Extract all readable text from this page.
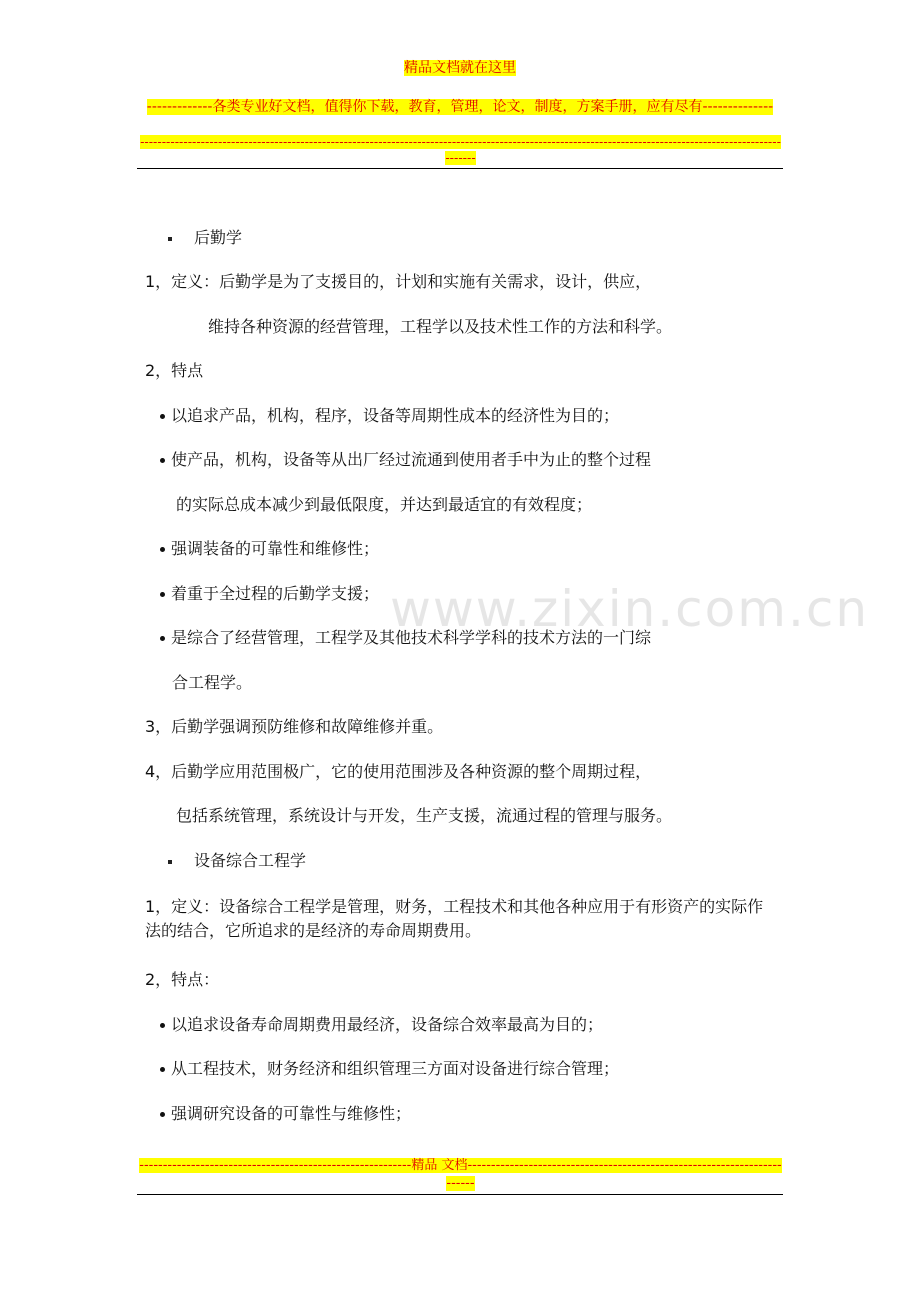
精品文档就在这里
-------------各类专业好文档，值得你下载，教育，管理，论文，制度，方案手册，应有尽有--------------
-----------------------------------------------------------------------------------------------------------------------------------------------------------
www.zixin.com.cn
后勤学
1，定义：后勤学是为了支援目的，计划和实施有关需求，设计，供应，
维持各种资源的经营管理，工程学以及技术性工作的方法和科学。
2，特点
以追求产品，机构，程序，设备等周期性成本的经济性为目的；
使产品，机构，设备等从出厂经过流通到使用者手中为止的整个过程
的实际总成本减少到最低限度，并达到最适宜的有效程度；
强调装备的可靠性和维修性；
着重于全过程的后勤学支援；
是综合了经营管理，工程学及其他技术科学学科的技术方法的一门综
合工程学。
3，后勤学强调预防维修和故障维修并重。
4，后勤学应用范围极广，它的使用范围涉及各种资源的整个周期过程，
包括系统管理，系统设计与开发，生产支援，流通过程的管理与服务。
设备综合工程学
1，定义：设备综合工程学是管理，财务，工程技术和其他各种应用于有形资产的实际作法的结合，它所追求的是经济的寿命周期费用。
2，特点：
以追求设备寿命周期费用最经济，设备综合效率最高为目的；
从工程技术，财务经济和组织管理三方面对设备进行综合管理；
强调研究设备的可靠性与维修性；
----------------------------------------------------------精品 文档-------------------------------------------------------------------------
